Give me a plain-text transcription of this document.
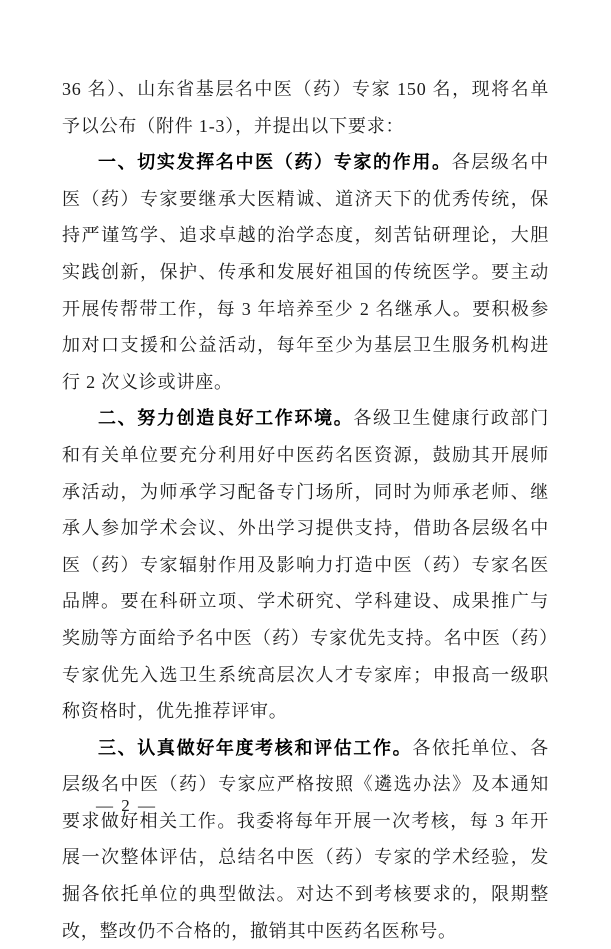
36 名）、山东省基层名中医（药）专家 150 名，现将名单予以公布（附件 1-3），并提出以下要求：

一、切实发挥名中医（药）专家的作用。各层级名中医（药）专家要继承大医精诚、道济天下的优秀传统，保持严谨笃学、追求卓越的治学态度，刻苦钻研理论，大胆实践创新，保护、传承和发展好祖国的传统医学。要主动开展传帮带工作，每 3 年培养至少 2 名继承人。要积极参加对口支援和公益活动，每年至少为基层卫生服务机构进行 2 次义诊或讲座。

二、努力创造良好工作环境。各级卫生健康行政部门和有关单位要充分利用好中医药名医资源，鼓励其开展师承活动，为师承学习配备专门场所，同时为师承老师、继承人参加学术会议、外出学习提供支持，借助各层级名中医（药）专家辐射作用及影响力打造中医（药）专家名医品牌。要在科研立项、学术研究、学科建设、成果推广与奖励等方面给予名中医（药）专家优先支持。名中医（药）专家优先入选卫生系统高层次人才专家库；申报高一级职称资格时，优先推荐评审。

三、认真做好年度考核和评估工作。各依托单位、各层级名中医（药）专家应严格按照《遴选办法》及本通知要求做好相关工作。我委将每年开展一次考核，每 3 年开展一次整体评估，总结名中医（药）专家的学术经验，发掘各依托单位的典型做法。对达不到考核要求的，限期整改，整改仍不合格的，撤销其中医药名医称号。

— 2 —
